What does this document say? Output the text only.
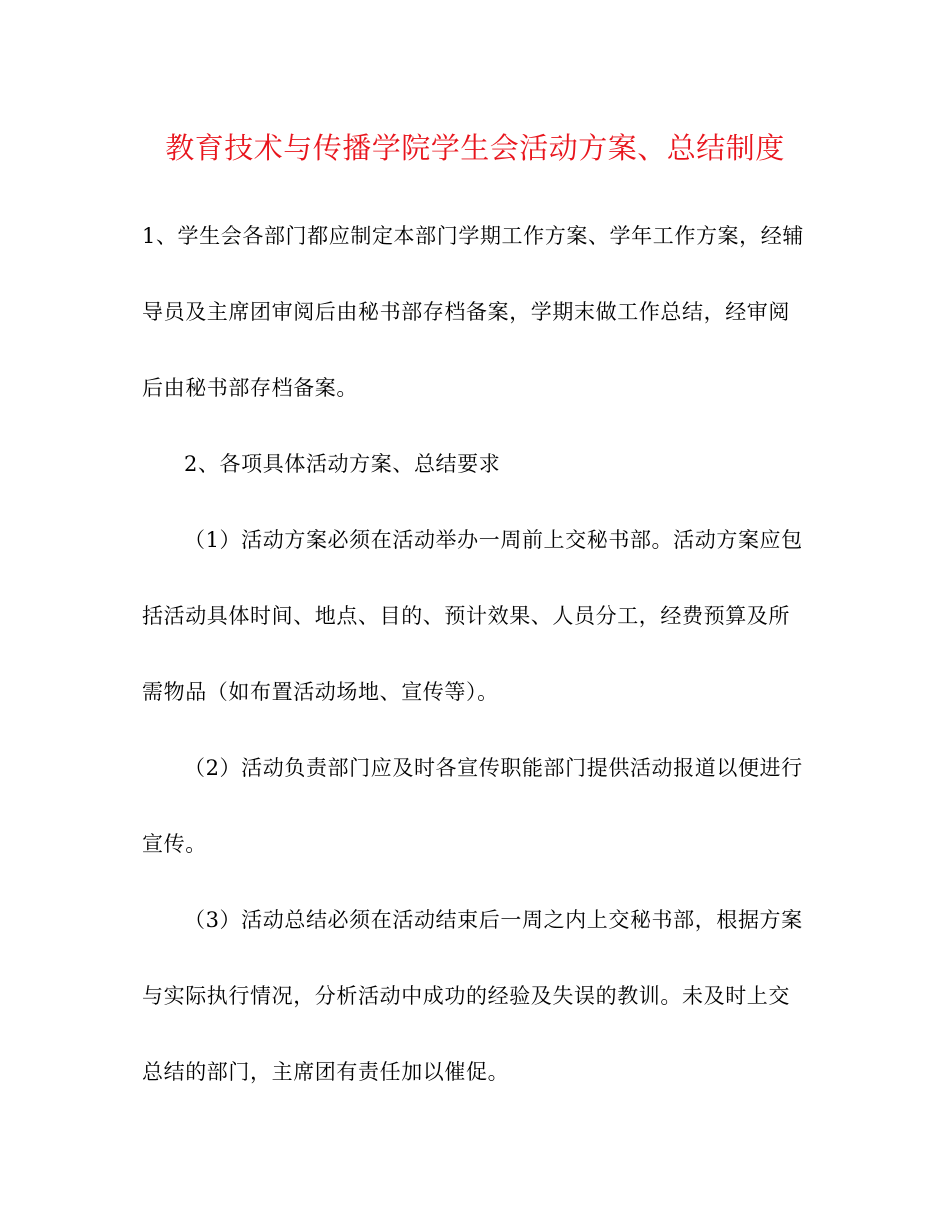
教育技术与传播学院学生会活动方案、总结制度
1、学生会各部门都应制定本部门学期工作方案、学年工作方案，经辅
导员及主席团审阅后由秘书部存档备案，学期末做工作总结，经审阅
后由秘书部存档备案。
2、各项具体活动方案、总结要求
（1）活动方案必须在活动举办一周前上交秘书部。活动方案应包
括活动具体时间、地点、目的、预计效果、人员分工，经费预算及所
需物品（如布置活动场地、宣传等）。
（2）活动负责部门应及时各宣传职能部门提供活动报道以便进行
宣传。
（3）活动总结必须在活动结束后一周之内上交秘书部，根据方案
与实际执行情况，分析活动中成功的经验及失误的教训。未及时上交
总结的部门，主席团有责任加以催促。
